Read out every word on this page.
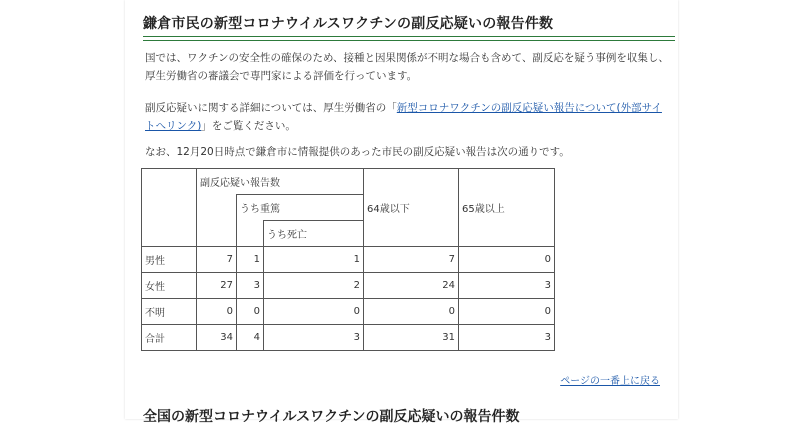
鎌倉市民の新型コロナウイルスワクチンの副反応疑いの報告件数

国では、ワクチンの安全性の確保のため、接種と因果関係が不明な場合も含めて、副反応を疑う事例を収集し、厚生労働省の審議会で専門家による評価を行っています。

副反応疑いに関する詳細については、厚生労働省の「新型コロナワクチンの副反応疑い報告について(外部サイトへリンク)」をご覧ください。

なお、12月20日時点で鎌倉市に情報提供のあった市民の副反応疑い報告は次の通りです。

	副反応疑い報告数			64歳以下	65歳以上
		うち重篤			
			うち死亡		
男性	7	1	1	7	0
女性	27	3	2	24	3
不明	0	0	0	0	0
合計	34	4	3	31	3
ページの一番上に戻る
全国の新型コロナウイルスワクチンの副反応疑いの報告件数
